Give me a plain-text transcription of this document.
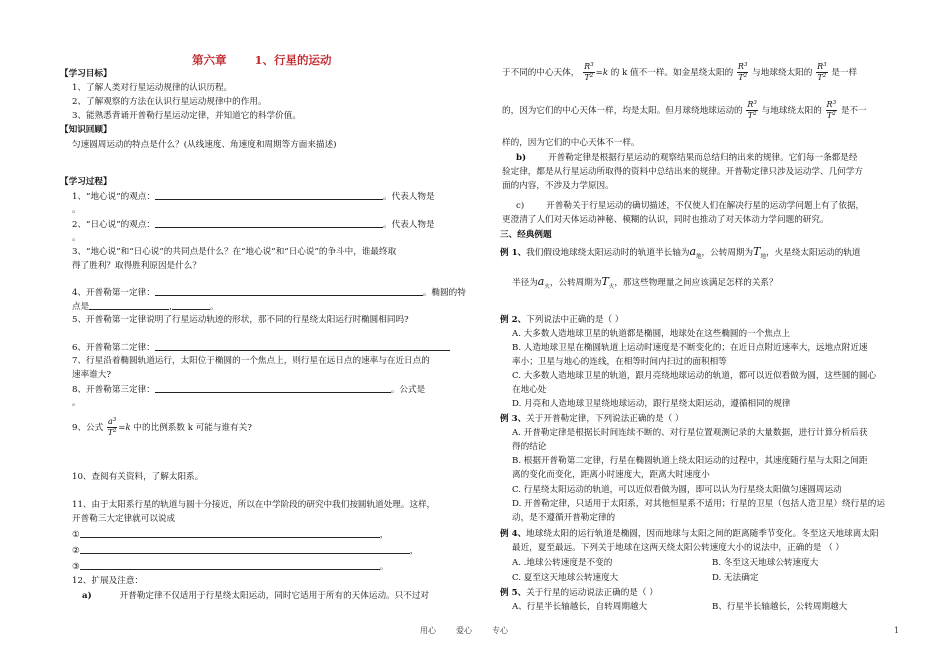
第六章 1、行星的运动
【学习目标】
1、了解人类对行星运动规律的认识历程。
2、了解观察的方法在认识行星运动规律中的作用。
3、能熟悉背诵开普勒行星运动定律，并知道它的科学价值。
【知识回顾】
匀速圆周运动的特点是什么？(从线速度、角速度和周期等方面来描述)
【学习过程】
1、“地心说”的观点：	。代表人物是
。
2、“日心说”的观点：	。代表人物是
。
3、“地心说”和“日心说”的共同点是什么？在“地心说”和“日心说”的争斗中，谁最终取
得了胜利？取得胜利原因是什么？
4、开普勒第一定律：	。椭圆的特
点是	,	。
5、开普勒第一定律说明了行星运动轨迹的形状，那不同的行星绕太阳运行时椭圆相同吗?
6、开普勒第二定律：
7、行星沿着椭圆轨道运行，太阳位于椭圆的一个焦点上，则行星在远日点的速率与在近日点的
速率谁大?
8、开普勒第三定律：	。公式是
。
9、公式 $\frac{a^3}{T^2} =k$ 中的比例系数 k 可能与谁有关?
10、查阅有关资料，了解太阳系。
11、由于太阳系行星的轨道与圆十分接近，所以在中学阶段的研究中我们按圆轨道处理。这样，
开普勒三大定律就可以说成
①	，
②	，
③	。
12、扩展及注意：
a)	开普勒定律不仅适用于行星绕太阳运动，同时它适用于所有的天体运动。只不过对
于不同的中心天体， $\frac{R^3}{T^2} =k$ 的 k 值不一样。如金星绕太阳的 $\frac{R^3}{T^2}$ 与地球绕太阳的 $\frac{R^3}{T^2}$ 是一样
的，因为它们的中心天体一样，均是太阳。但月球绕地球运动的 $\frac{R^3}{T^2}$ 与地球绕太阳的 $\frac{R^3}{T^2}$ 是不一
样的，因为它们的中心天体不一样。
b)	开普勒定律是根据行星运动的观察结果而总结归纳出来的规律。它们每一条都是经
验定律，都是从行星运动所取得的资料中总结出来的规律。开普勒定律只涉及运动学、几何学方
面的内容，不涉及力学原因。
c)	开普勒关于行星运动的确切描述，不仅使人们在解决行星的运动学问题上有了依据，
更澄清了人们对天体运动神秘、模糊的认识，同时也推动了对天体动力学问题的研究。
三、经典例题
例 1、我们假设地球绕太阳运动时的轨道半长轴为$a_地$，公转周期为$T_地$，火星绕太阳运动的轨道
半径为$a_火$，公转周期为$T_火$，那这些物理量之间应该满足怎样的关系？
例 2、下列说法中正确的是（ ）
A. 大多数人造地球卫星的轨道都是椭圆，地球处在这些椭圆的一个焦点上
B. 人造地球卫星在椭圆轨道上运动时速度是不断变化的；在近日点附近速率大，远地点附近速
率小；卫星与地心的连线，在相等时间内扫过的面积相等
C. 大多数人造地球卫星的轨道，跟月亮绕地球运动的轨道，都可以近似看做为圆，这些圆的圆心
在地心处
D. 月亮和人造地球卫星绕地球运动，跟行星绕太阳运动，遵循相同的规律
例 3、关于开普勒定律，下列说法正确的是（ ）
A. 开普勒定律是根据长时间连续不断的、对行星位置观测记录的大量数据，进行计算分析后获
得的结论
B. 根据开普勒第二定律，行星在椭圆轨道上绕太阳运动的过程中，其速度随行星与太阳之间距
离的变化而变化，距离小时速度大，距离大时速度小
C. 行星绕太阳运动的轨道，可以近似看做为圆，即可以认为行星绕太阳做匀速圆周运动
D. 开普勒定律，只适用于太阳系，对其他恒星系不适用；行星的卫星（包括人造卫星）绕行星的运
动，是不遵循开普勒定律的
例 4、地球绕太阳的运行轨道是椭圆，因而地球与太阳之间的距离随季节变化。冬至这天地球离太阳
最近，夏至最远。下列关于地球在这两天绕太阳公转速度大小的说法中，正确的是 （ ）
A. .地球公转速度是不变的	B. 冬至这天地球公转速度大
C. 夏至这天地球公转速度大	D. 无法确定
例 5、关于行星的运动说法正确的是（ ）
A、行星半长轴越长，自转周期越大	B、行星半长轴越长，公转周期越大
用心	爱心	专心	1
